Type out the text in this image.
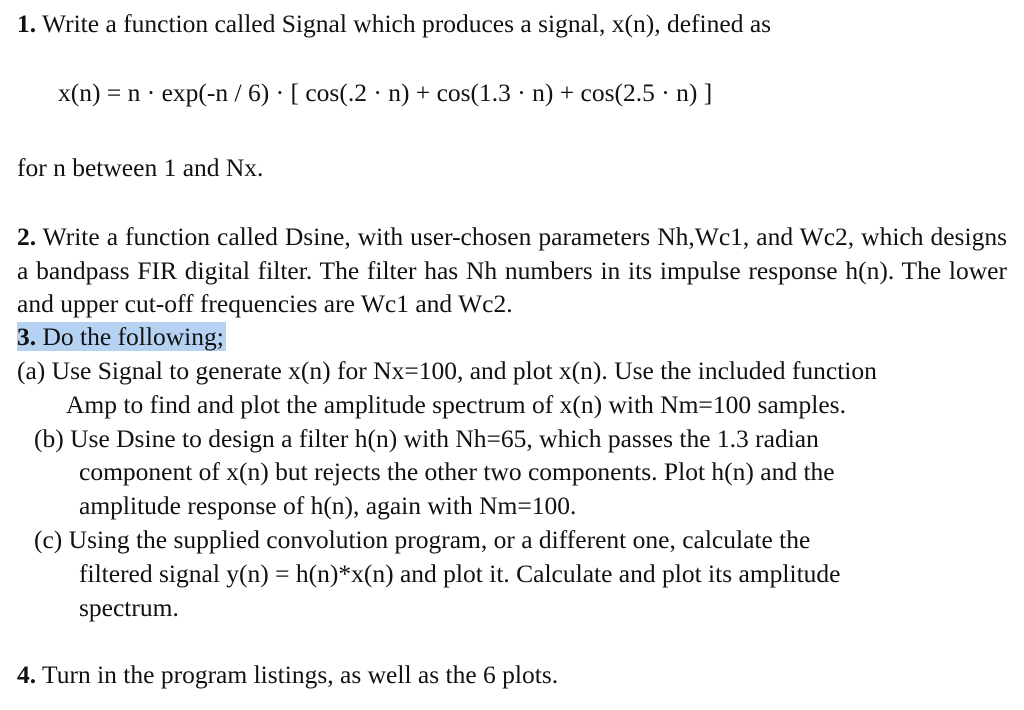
1. Write a function called Signal which produces a signal, x(n), defined as
x(n) = n · exp(-n / 6) · [ cos(.2 · n) + cos(1.3 · n) + cos(2.5 · n) ]
for n between 1 and Nx.
2. Write a function called Dsine, with user-chosen parameters Nh,Wc1, and Wc2, which designs a bandpass FIR digital filter. The filter has Nh numbers in its impulse response h(n). The lower and upper cut-off frequencies are Wc1 and Wc2.
3. Do the following;
(a) Use Signal to generate x(n) for Nx=100, and plot x(n). Use the included function
Amp to find and plot the amplitude spectrum of x(n) with Nm=100 samples.
(b) Use Dsine to design a filter h(n) with Nh=65, which passes the 1.3 radian
component of x(n) but rejects the other two components. Plot h(n) and the
amplitude response of h(n), again with Nm=100.
(c) Using the supplied convolution program, or a different one, calculate the
filtered signal y(n) = h(n)*x(n) and plot it. Calculate and plot its amplitude
spectrum.
4. Turn in the program listings, as well as the 6 plots.
